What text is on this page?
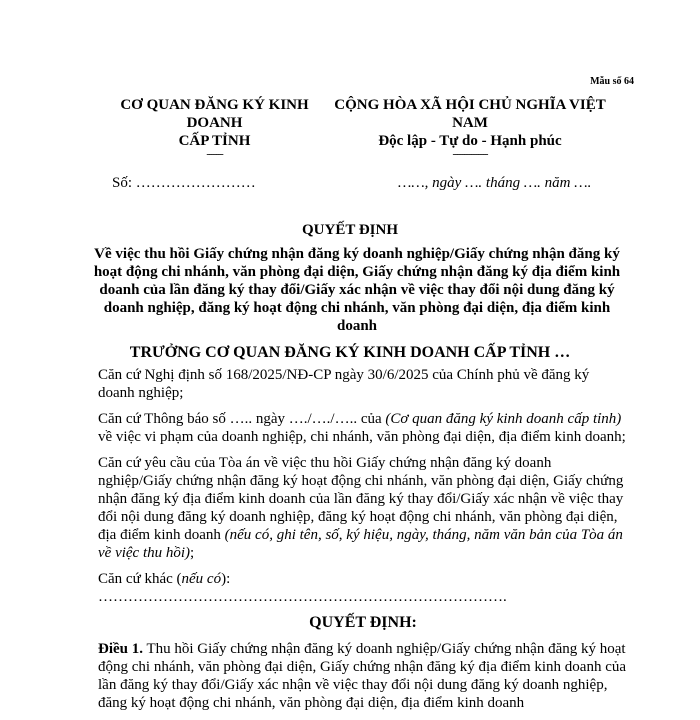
Mẫu số 64
CƠ QUAN ĐĂNG KÝ KINH DOANH
CẤP TỈNH
-------
CỘNG HÒA XÃ HỘI CHỦ NGHĨA VIỆT NAM
Độc lập - Tự do - Hạnh phúc
---------------
Số: ……………………	……, ngày …. tháng …. năm ….
QUYẾT ĐỊNH
Về việc thu hồi Giấy chứng nhận đăng ký doanh nghiệp/Giấy chứng nhận đăng ký hoạt động chi nhánh, văn phòng đại diện, Giấy chứng nhận đăng ký địa điểm kinh doanh của lần đăng ký thay đổi/Giấy xác nhận về việc thay đổi nội dung đăng ký doanh nghiệp, đăng ký hoạt động chi nhánh, văn phòng đại diện, địa điểm kinh doanh
TRƯỞNG CƠ QUAN ĐĂNG KÝ KINH DOANH CẤP TỈNH …

Căn cứ Nghị định số 168/2025/NĐ-CP ngày 30/6/2025 của Chính phủ về đăng ký doanh nghiệp;

Căn cứ Thông báo số ….. ngày …./…./….. của (Cơ quan đăng ký kinh doanh cấp tỉnh) về việc vi phạm của doanh nghiệp, chi nhánh, văn phòng đại diện, địa điểm kinh doanh;

Căn cứ yêu cầu của Tòa án về việc thu hồi Giấy chứng nhận đăng ký doanh nghiệp/Giấy chứng nhận đăng ký hoạt động chi nhánh, văn phòng đại diện, Giấy chứng nhận đăng ký địa điểm kinh doanh của lần đăng ký thay đổi/Giấy xác nhận về việc thay đổi nội dung đăng ký doanh nghiệp, đăng ký hoạt động chi nhánh, văn phòng đại diện, địa điểm kinh doanh (nếu có, ghi tên, số, ký hiệu, ngày, tháng, năm văn bản của Tòa án về việc thu hồi);

Căn cứ khác (nếu có): ……………………………………………………………………….

QUYẾT ĐỊNH:

Điều 1. Thu hồi Giấy chứng nhận đăng ký doanh nghiệp/Giấy chứng nhận đăng ký hoạt động chi nhánh, văn phòng đại diện, Giấy chứng nhận đăng ký địa điểm kinh doanh của lần đăng ký thay đổi/Giấy xác nhận về việc thay đổi nội dung đăng ký doanh nghiệp, đăng ký hoạt động chi nhánh, văn phòng đại diện, địa điểm kinh doanh
